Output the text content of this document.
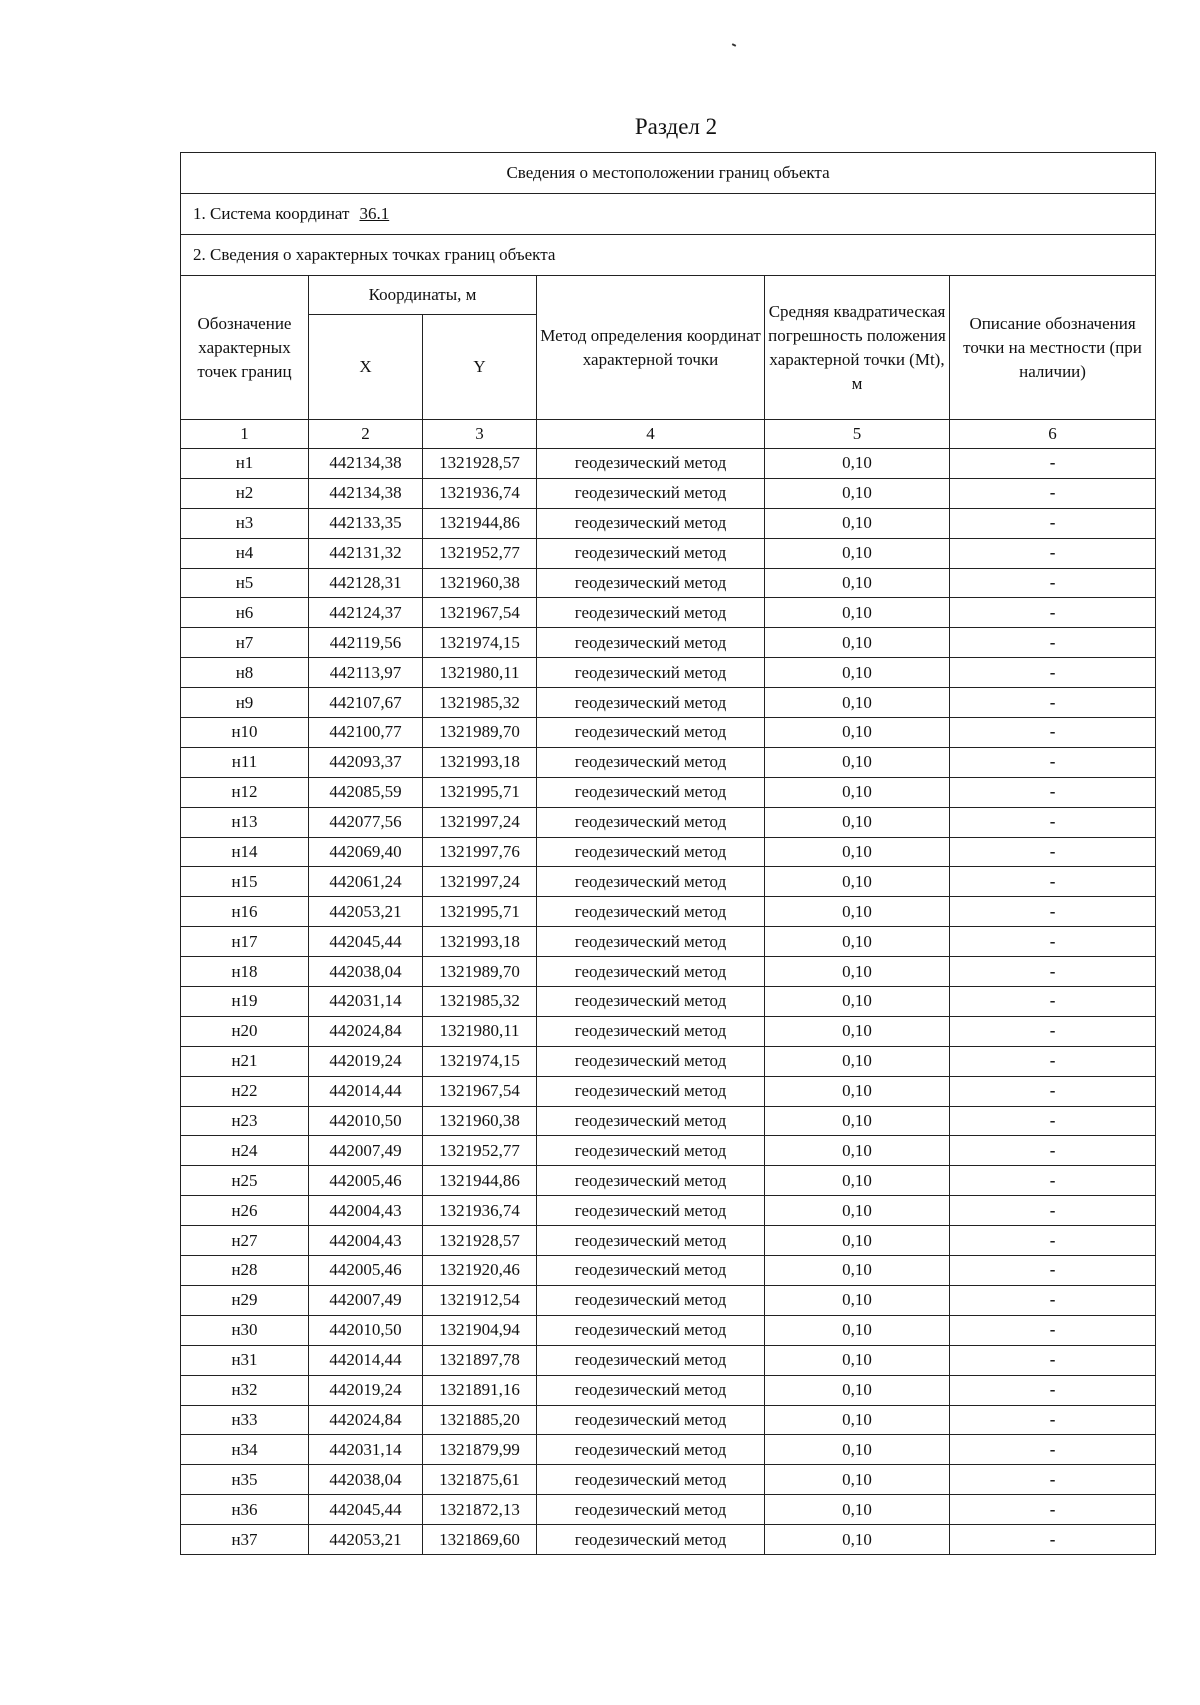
Раздел 2
Сведения о местоположении границ объекта					
1. Система координат 36.1					
2. Сведения о характерных точках границ объекта					
Обозначение характерных точек границ	Координаты, м		Метод определения координат характерной точки	Средняя квадратическая погрешность положения характерной точки (Mt), м	Описание обозначения точки на местности (при наличии)
	X	Y			
1	2	3	4	5	6
н1	442134,38	1321928,57	геодезический метод	0,10	-
н2	442134,38	1321936,74	геодезический метод	0,10	-
н3	442133,35	1321944,86	геодезический метод	0,10	-
н4	442131,32	1321952,77	геодезический метод	0,10	-
н5	442128,31	1321960,38	геодезический метод	0,10	-
н6	442124,37	1321967,54	геодезический метод	0,10	-
н7	442119,56	1321974,15	геодезический метод	0,10	-
н8	442113,97	1321980,11	геодезический метод	0,10	-
н9	442107,67	1321985,32	геодезический метод	0,10	-
н10	442100,77	1321989,70	геодезический метод	0,10	-
н11	442093,37	1321993,18	геодезический метод	0,10	-
н12	442085,59	1321995,71	геодезический метод	0,10	-
н13	442077,56	1321997,24	геодезический метод	0,10	-
н14	442069,40	1321997,76	геодезический метод	0,10	-
н15	442061,24	1321997,24	геодезический метод	0,10	-
н16	442053,21	1321995,71	геодезический метод	0,10	-
н17	442045,44	1321993,18	геодезический метод	0,10	-
н18	442038,04	1321989,70	геодезический метод	0,10	-
н19	442031,14	1321985,32	геодезический метод	0,10	-
н20	442024,84	1321980,11	геодезический метод	0,10	-
н21	442019,24	1321974,15	геодезический метод	0,10	-
н22	442014,44	1321967,54	геодезический метод	0,10	-
н23	442010,50	1321960,38	геодезический метод	0,10	-
н24	442007,49	1321952,77	геодезический метод	0,10	-
н25	442005,46	1321944,86	геодезический метод	0,10	-
н26	442004,43	1321936,74	геодезический метод	0,10	-
н27	442004,43	1321928,57	геодезический метод	0,10	-
н28	442005,46	1321920,46	геодезический метод	0,10	-
н29	442007,49	1321912,54	геодезический метод	0,10	-
н30	442010,50	1321904,94	геодезический метод	0,10	-
н31	442014,44	1321897,78	геодезический метод	0,10	-
н32	442019,24	1321891,16	геодезический метод	0,10	-
н33	442024,84	1321885,20	геодезический метод	0,10	-
н34	442031,14	1321879,99	геодезический метод	0,10	-
н35	442038,04	1321875,61	геодезический метод	0,10	-
н36	442045,44	1321872,13	геодезический метод	0,10	-
н37	442053,21	1321869,60	геодезический метод	0,10	-
